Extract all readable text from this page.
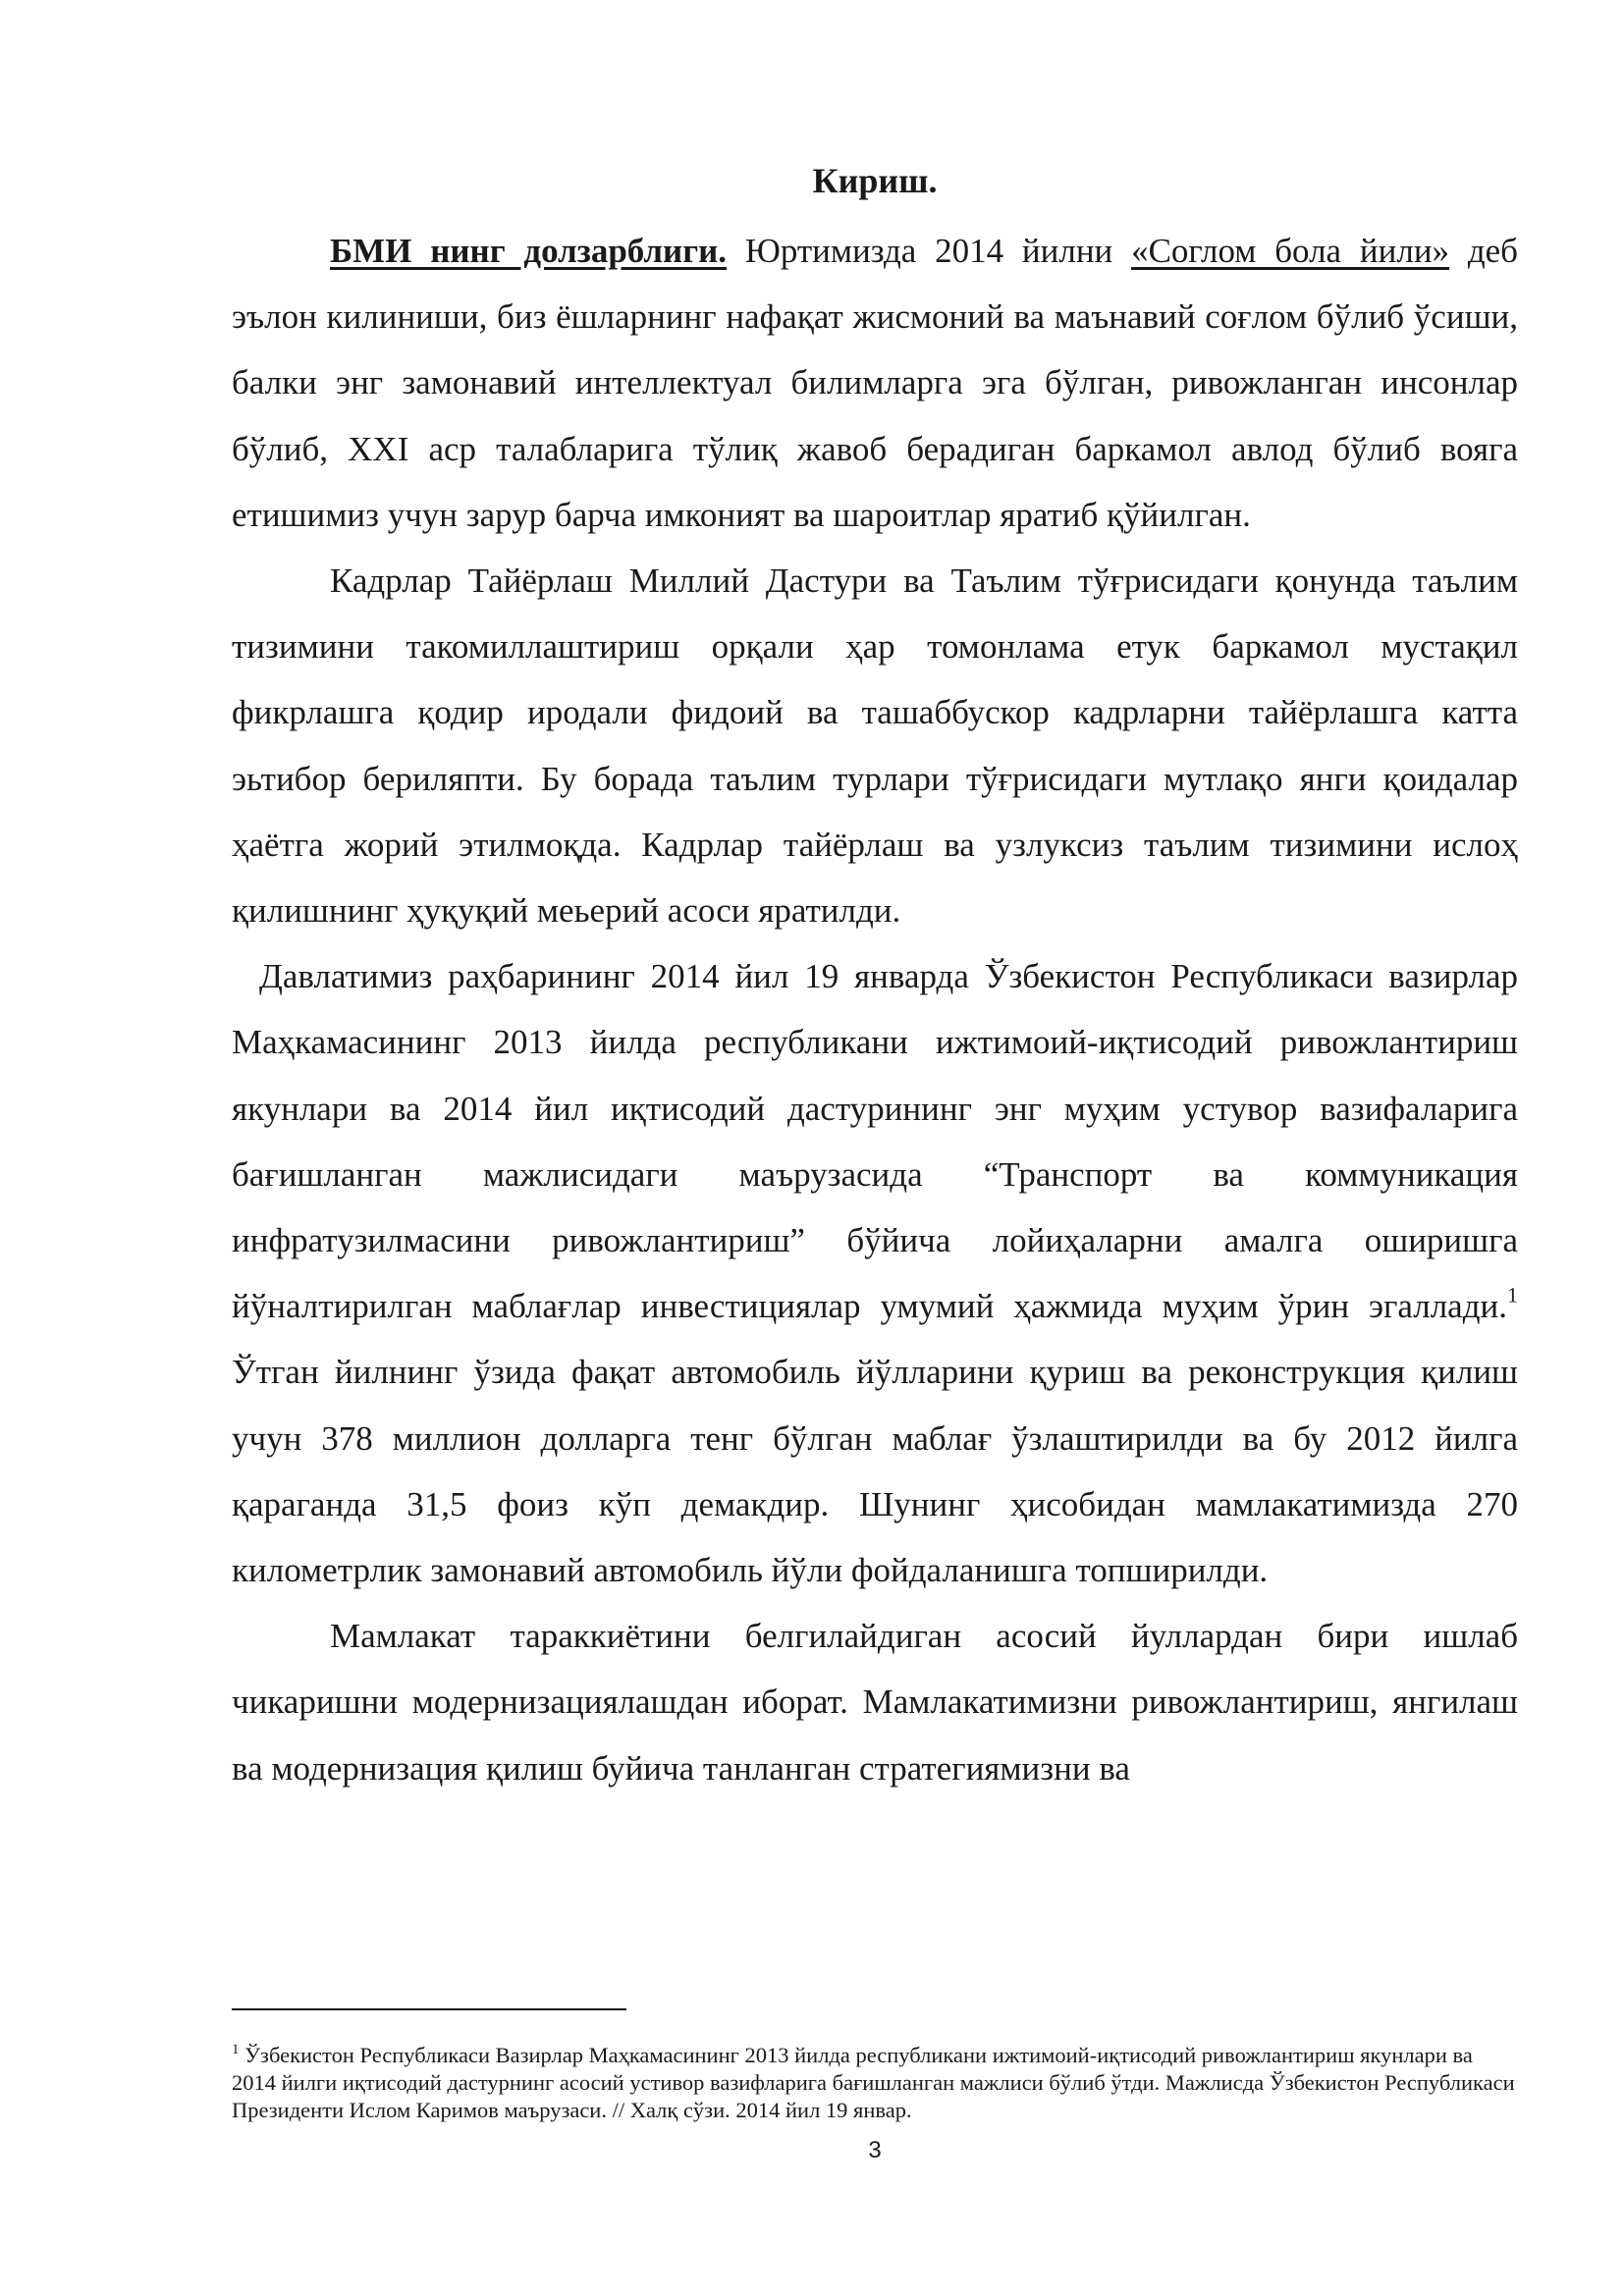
Кириш.

БМИ нинг долзарблиги. Юртимизда 2014 йилни «Соглом бола йили» деб эълон килиниши, биз ёшларнинг нафақат жисмоний ва маънавий соғлом бўлиб ўсиши, балки энг замонавий интеллектуал билимларга эга бўлган, ривожланган инсонлар бўлиб, XXI аср талабларига тўлиқ жавоб берадиган баркамол авлод бўлиб вояга етишимиз учун зарур барча имконият ва шароитлар яратиб қўйилган.

Кадрлар Тайёрлаш Миллий Дастури ва Таълим тўғрисидаги қонунда таълим тизимини такомиллаштириш орқали ҳар томонлама етук баркамол мустақил фикрлашга қодир иродали фидоий ва ташаббускор кадрларни тайёрлашга катта эьтибор бериляпти. Бу борада таълим турлари тўғрисидаги мутлақо янги қоидалар ҳаётга жорий этилмоқда. Кадрлар тайёрлаш ва узлуксиз таълим тизимини ислоҳ қилишнинг ҳуқуқий меьерий асоси яратилди.

Давлатимиз раҳбарининг 2014 йил 19 январда Ўзбекистон Республикаси вазирлар Маҳкамасининг 2013 йилда республикани ижтимоий-иқтисодий ривожлантириш якунлари ва 2014 йил иқтисодий дастурининг энг муҳим устувор вазифаларига бағишланган мажлисидаги маърузасида “Транспорт ва коммуникация инфратузилмасини ривожлантириш” бўйича лойиҳаларни амалга оширишга йўналтирилган маблағлар инвестициялар умумий ҳажмида муҳим ўрин эгаллади.$^1$ Ўтган йилнинг ўзида фақат автомобиль йўлларини қуриш ва реконструкция қилиш учун 378 миллион долларга тенг бўлган маблағ ўзлаштирилди ва бу 2012 йилга қараганда 31,5 фоиз кўп демакдир. Шунинг ҳисобидан мамлакатимизда 270 километрлик замонавий автомобиль йўли фойдаланишга топширилди.

Мамлакат тараккиётини белгилайдиган асосий йуллардан бири ишлаб чикаришни модернизациялашдан иборат. Мамлакатимизни ривожлантириш, янгилаш ва модернизация қилиш буйича танланган стратегиямизни ва

$^1$ Ўзбекистон Республикаси Вазирлар Маҳкамасининг 2013 йилда республикани ижтимоий-иқтисодий ривожлантириш якунлари ва 2014 йилги иқтисодий дастурнинг асосий устивор вазифларига бағишланган мажлиси бўлиб ўтди. Мажлисда Ўзбекистон Республикаси Президенти Ислом Каримов маърузаси. // Халқ сўзи. 2014 йил 19 январ.
3
